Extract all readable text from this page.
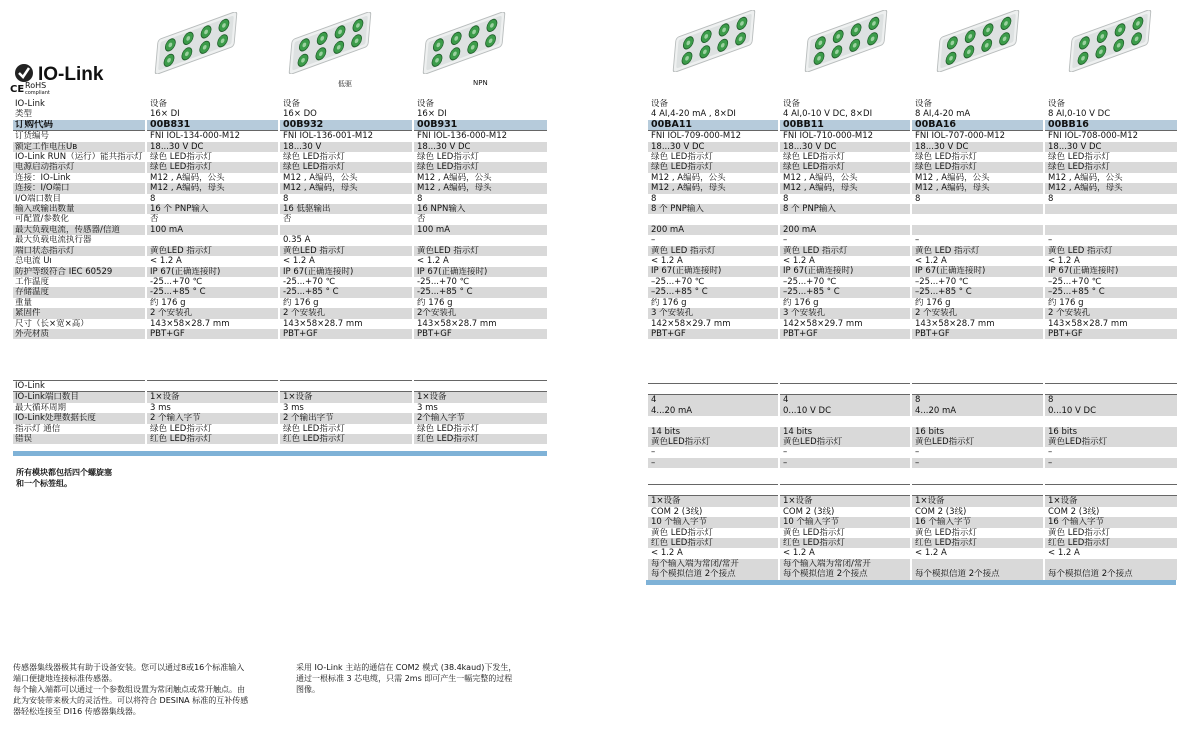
IO-Link
CE RoHS
compliant
低驱	NPN
IO-Link	设备	设备	设备
类型	16× DI	16× DO	16× DI
订购代码	00B831	00B932	00B931
订货编号	FNI IOL-134-000-M12	FNI IOL-136-001-M12	FNI IOL-136-000-M12
额定工作电压Uв	18...30 V DC	18...30 V	18...30 V DC
IO-Link RUN（运行）能共指示灯	绿色 LED指示灯	绿色 LED指示灯	绿色 LED指示灯
电源启动指示灯	绿色 LED指示灯	绿色 LED指示灯	绿色 LED指示灯
连接：IO-Link	M12 , A编码，公头	M12 , A编码，公头	M12 , A编码，公头
连接：I/O端口	M12 , A编码，母头	M12 , A编码，母头	M12 , A编码，母头
I/O端口数目	8	8	8
输入或输出数量	16 个 PNP输入	16 低驱输出	16 NPN输入
可配置/参数化	否	否	否
最大负载电流，传感器/信道	100 mA		100 mA
最大负载电流执行器		0.35 A	
端口状态指示灯	黄色LED 指示灯	黄色LED 指示灯	黄色LED 指示灯
总电流 Uı	< 1.2 A	< 1.2 A	< 1.2 A
防护等级符合 IEC 60529	IP 67(正确连接时)	IP 67(正确连接时)	IP 67(正确连接时)
工作温度	-25...+70 ℃	-25...+70 ℃	-25...+70 ℃
存储温度	-25...+85 ° C	-25...+85 ° C	-25...+85 ° C
重量	约 176 g	约 176 g	约 176 g
紧固件	2 个安装孔	2 个安装孔	2个安装孔
尺寸（长×宽×高）	143×58×28.7 mm	143×58×28.7 mm	143×58×28.7 mm
外壳材质	PBT+GF	PBT+GF	PBT+GF
IO-Link			
IO-Link端口数目	1×设备	1×设备	1×设备
最大循环周期	3 ms	3 ms	3 ms
IO-Link处理数据长度	2 个输入字节	2 个输出字节	2个输入字节
指示灯 通信	绿色 LED指示灯	绿色 LED指示灯	绿色 LED指示灯
错误	红色 LED指示灯	红色 LED指示灯	红色 LED指示灯
所有模块都包括四个螺旋塞
和一个标签组。
传感器集线器极其有助于设备安装。您可以通过8或16个标准输入
端口便捷地连接标准传感器。
每个输入端都可以通过一个参数组设置为常闭触点或常开触点。由
此为安装带来极大的灵活性。可以将符合 DESINA 标准的互补传感
器轻松连接至 DI16 传感器集线器。
采用 IO-Link 主站的通信在 COM2 模式 (38.4kaud)下发生，
通过一根标准 3 芯电缆，只需 2ms 即可产生一幅完整的过程
图像。
设备	设备	设备	设备
4 AI,4-20 mA , 8×DI	4 AI,0-10 V DC, 8×DI	8 AI,4-20 mA	8 AI,0-10 V DC
00BA11	00BB11	00BA16	00BB16
FNI IOL-709-000-M12	FNI IOL-710-000-M12	FNI IOL-707-000-M12	FNI IOL-708-000-M12
18...30 V DC	18...30 V DC	18...30 V DC	18...30 V DC
绿色 LED指示灯	绿色 LED指示灯	绿色 LED指示灯	绿色 LED指示灯
绿色 LED指示灯	绿色 LED指示灯	绿色 LED指示灯	绿色 LED指示灯
M12 , A编码，公头	M12 , A编码，公头	M12 , A编码，公头	M12 , A编码，公头
M12 , A编码，母头	M12 , A编码，母头	M12 , A编码，母头	M12 , A编码，母头
8	8	8	8
8 个 PNP输入	8 个 PNP输入		

200 mA	200 mA		
–	–	–	–
黄色 LED 指示灯	黄色 LED 指示灯	黄色 LED 指示灯	黄色 LED 指示灯
< 1.2 A	< 1.2 A	< 1.2 A	< 1.2 A
IP 67(正确连接时)	IP 67(正确连接时)	IP 67(正确连接时)	IP 67(正确连接时)
–25...+70 ℃	–25...+70 ℃	–25...+70 ℃	–25...+70 ℃
–25...+85 ° C	–25...+85 ° C	–25...+85 ° C	–25...+85 ° C
约 176 g	约 176 g	约 176 g	约 176 g
3 个安装孔	3 个安装孔	2 个安装孔	2 个安装孔
142×58×29.7 mm	142×58×29.7 mm	143×58×28.7 mm	143×58×28.7 mm
PBT+GF	PBT+GF	PBT+GF	PBT+GF

4	4	8	8
4...20 mA	0...10 V DC	4...20 mA	0...10 V DC

14 bits	14 bits	16 bits	16 bits
黄色LED指示灯	黄色LED指示灯	黄色LED指示灯	黄色LED指示灯
–	–	–	–
–	–	–	–

1×设备	1×设备	1×设备	1×设备
COM 2 (3线)	COM 2 (3线)	COM 2 (3线)	COM 2 (3线)
10 个输入字节	10 个输入字节	16 个输入字节	16 个输入字节
黄色 LED指示灯	黄色 LED指示灯	黄色 LED指示灯	黄色 LED指示灯
红色 LED指示灯	红色 LED指示灯	红色 LED指示灯	红色 LED指示灯
< 1.2 A	< 1.2 A	< 1.2 A	< 1.2 A
每个输入端为常闭/常开	每个输入端为常闭/常开		
每个模拟信道 2个接点	每个模拟信道 2个接点	每个模拟信道 2个接点	每个模拟信道 2个接点
